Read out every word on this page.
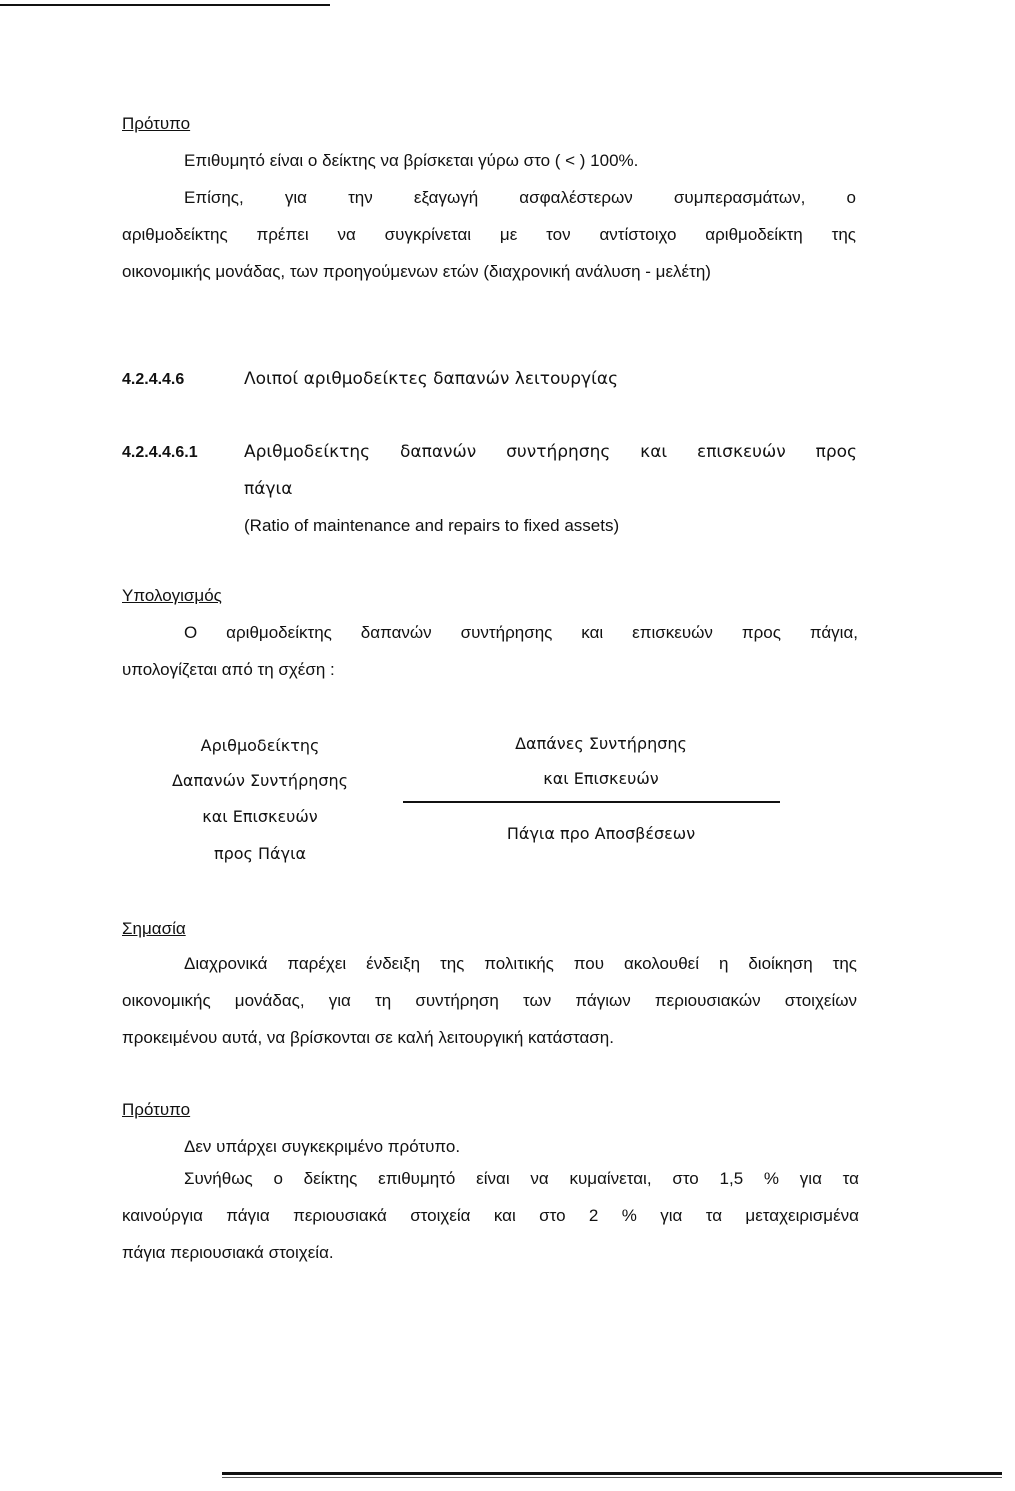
Πρότυπο
Επιθυμητό είναι ο δείκτης να βρίσκεται γύρω στο ( < ) 100%.
Επίσης, για την εξαγωγή ασφαλέστερων συμπερασμάτων, ο
αριθμοδείκτης πρέπει να συγκρίνεται με τον αντίστοιχο αριθμοδείκτη της
οικονομικής μονάδας, των προηγούμενων ετών (διαχρονική ανάλυση - μελέτη)
4.2.4.4.6	Λοιποί αριθμοδείκτες δαπανών λειτουργίας
4.2.4.4.6.1	Αριθμοδείκτης δαπανών συντήρησης και επισκευών προς
πάγια
(Ratio of maintenance and repairs to fixed assets)
Υπολογισμός
Ο αριθμοδείκτης δαπανών συντήρησης και επισκευών προς πάγια,
υπολογίζεται από τη σχέση :
Αριθμοδείκτης
Δαπανών Συντήρησης
και Επισκευών
προς Πάγια
Δαπάνες Συντήρησης
και Επισκευών
Πάγια προ Αποσβέσεων
Σημασία
Διαχρονικά παρέχει ένδειξη της πολιτικής που ακολουθεί η διοίκηση της
οικονομικής μονάδας, για τη συντήρηση των πάγιων περιουσιακών στοιχείων
προκειμένου αυτά, να βρίσκονται σε καλή λειτουργική κατάσταση.
Πρότυπο
Δεν υπάρχει συγκεκριμένο πρότυπο.
Συνήθως ο δείκτης επιθυμητό είναι να κυμαίνεται, στο 1,5 % για τα
καινούργια πάγια περιουσιακά στοιχεία και στο 2 % για τα μεταχειρισμένα
πάγια περιουσιακά στοιχεία.
